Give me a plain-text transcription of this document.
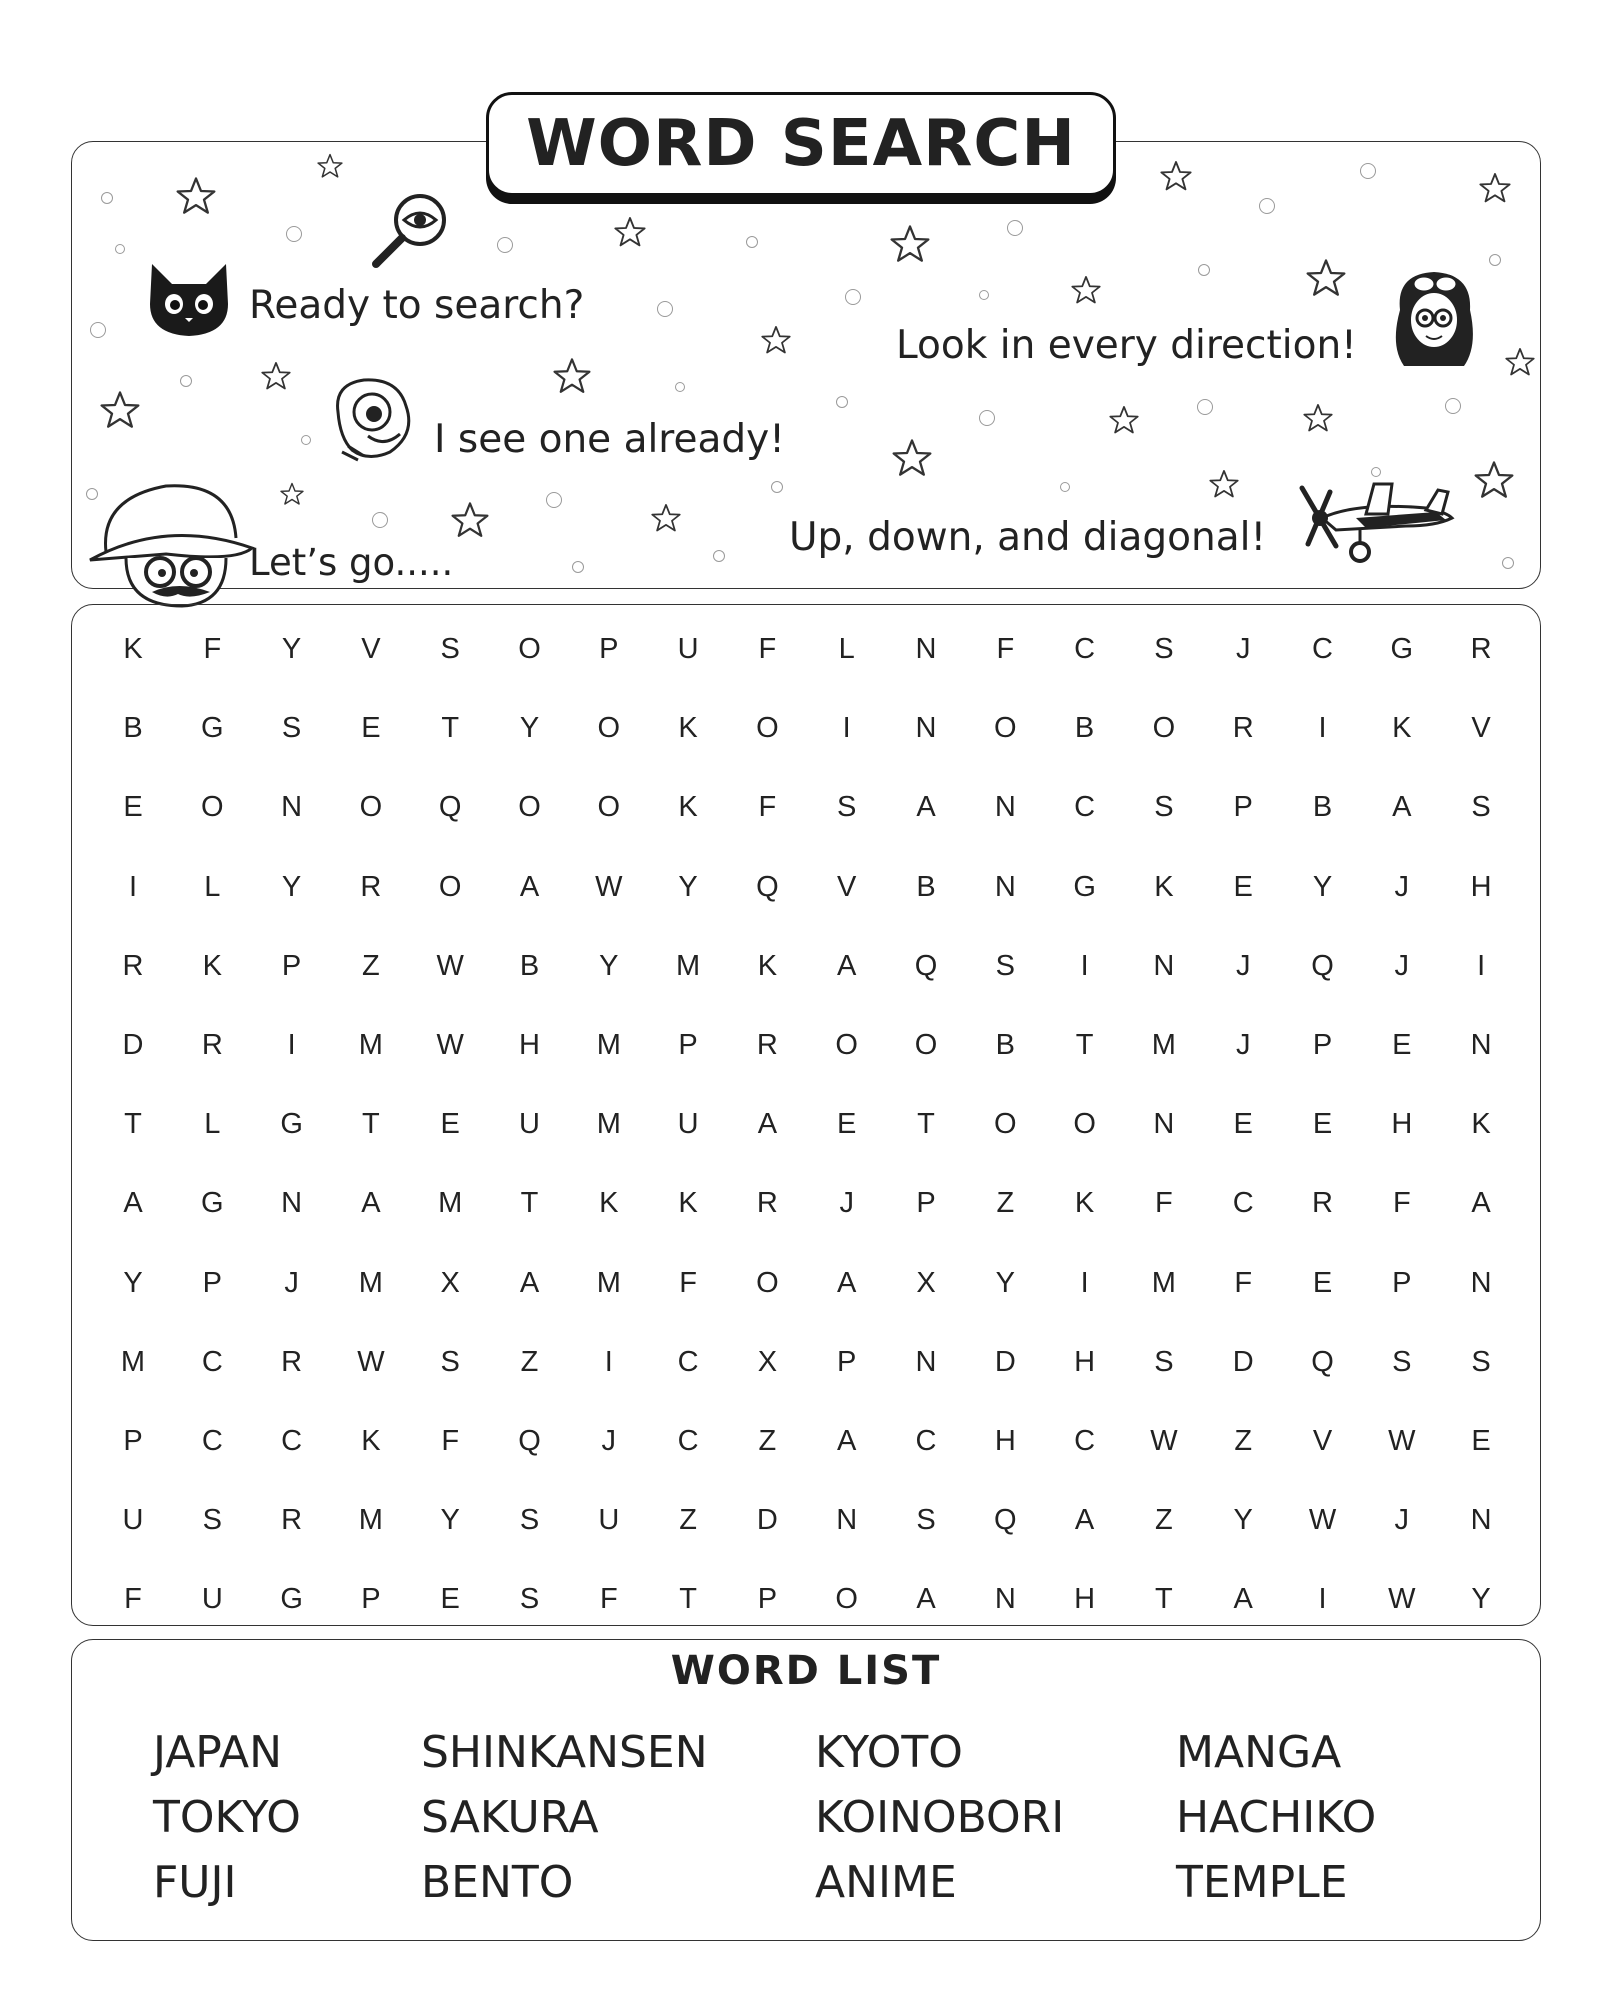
WORD SEARCH
Ready to search?
I see one already!
Let’s go.....
Look in every direction!
Up, down, and diagonal!
K	F	Y	V	S	O	P	U	F	L	N	F	C	S	J	C	G	R
B	G	S	E	T	Y	O	K	O	I	N	O	B	O	R	I	K	V
E	O	N	O	Q	O	O	K	F	S	A	N	C	S	P	B	A	S
I	L	Y	R	O	A	W	Y	Q	V	B	N	G	K	E	Y	J	H
R	K	P	Z	W	B	Y	M	K	A	Q	S	I	N	J	Q	J	I
D	R	I	M	W	H	M	P	R	O	O	B	T	M	J	P	E	N
T	L	G	T	E	U	M	U	A	E	T	O	O	N	E	E	H	K
A	G	N	A	M	T	K	K	R	J	P	Z	K	F	C	R	F	A
Y	P	J	M	X	A	M	F	O	A	X	Y	I	M	F	E	P	N
M	C	R	W	S	Z	I	C	X	P	N	D	H	S	D	Q	S	S
P	C	C	K	F	Q	J	C	Z	A	C	H	C	W	Z	V	W	E
U	S	R	M	Y	S	U	Z	D	N	S	Q	A	Z	Y	W	J	N
F	U	G	P	E	S	F	T	P	O	A	N	H	T	A	I	W	Y
WORD LIST
JAPAN
TOKYO
FUJI
SHINKANSEN
SAKURA
BENTO
KYOTO
KOINOBORI
ANIME
MANGA
HACHIKO
TEMPLE
